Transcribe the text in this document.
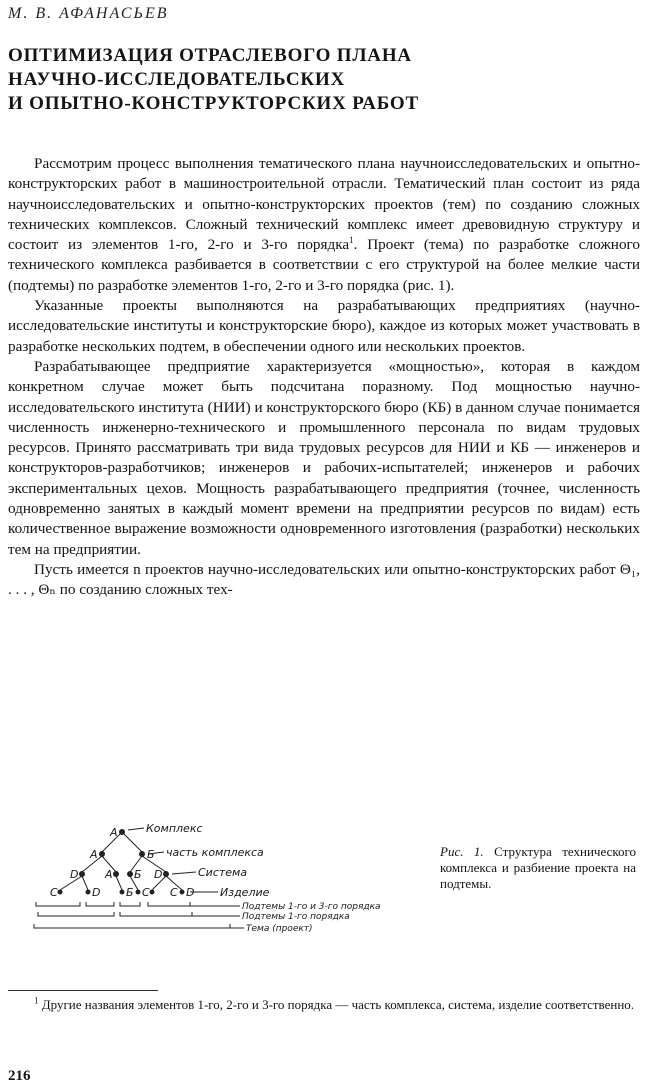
М. В. АФАНАСЬЕВ
ОПТИМИЗАЦИЯ ОТРАСЛЕВОГО ПЛАНА
НАУЧНО-ИССЛЕДОВАТЕЛЬСКИХ
И ОПЫТНО-КОНСТРУКТОРСКИХ РАБОТ

Рассмотрим процесс выполнения тематического плана научноисследовательских и опытно-конструкторских работ в машиностроительной отрасли. Тематический план состоит из ряда научноисследовательских и опытно-конструкторских проектов (тем) по созданию сложных технических комплексов. Сложный технический комплекс имеет древовидную структуру и состоит из элементов 1-го, 2-го и 3-го порядка$^1$. Проект (тема) по разработке сложного технического комплекса разбивается в соответствии с его структурой на более мелкие части (подтемы) по разработке элементов 1-го, 2-го и 3-го порядка (рис. 1).

Указанные проекты выполняются на разрабатывающих предприятиях (научно-исследовательские институты и конструкторские бюро), каждое из которых может участвовать в разработке нескольких подтем, в обеспечении одного или нескольких проектов.

Разрабатывающее предприятие характеризуется «мощностью», которая в каждом конкретном случае может быть подсчитана поразному. Под мощностью научно-исследовательского института (НИИ) и конструкторского бюро (КБ) в данном случае понимается численность инженерно-технического и промышленного персонала по видам трудовых ресурсов. Принято рассматривать три вида трудовых ресурсов для НИИ и КБ — инженеров и конструкторов-разработчиков; инженеров и рабочих-испытателей; инженеров и рабочих экспериментальных цехов. Мощность разрабатывающего предприятия (точнее, численность одновременно занятых в каждый момент времени на предприятии ресурсов по видам) есть количественное выражение возможности одновременного изготовления (разработки) нескольких тем на предприятии.

Пусть имеется n проектов научно-исследовательских или опытно-конструкторских работ Θ₁, . . . , Θₙ по созданию сложных тех-

А
А	Б
D А Б D
С	D Б С С D
Комплекс
часть комплекса
Система
Изделие
Подтемы 1-го и 3-го порядка
Подтемы 1-го порядка
Тема (проект)
Рис. 1. Структура технического комплекса и разбиение проекта на подтемы.

$^1$ Другие названия элементов 1-го, 2-го и 3-го порядка — часть комплекса, система, изделие соответственно.

216
